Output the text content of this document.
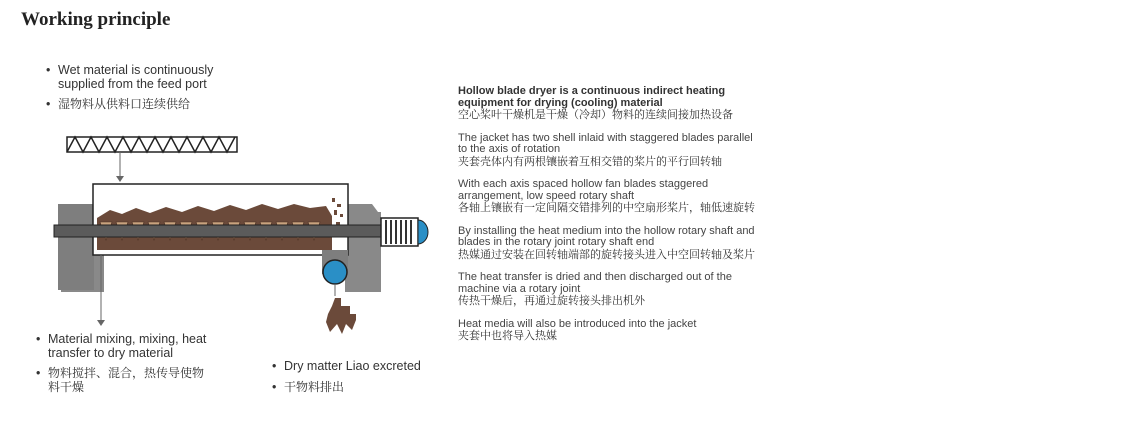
Working principle
• Wet material is continuously
supplied from the feed port
• 湿物料从供料口连续供给
• Material mixing, mixing, heat
transfer to dry material
• 物料搅拌、混合，热传导使物
料干燥
• Dry matter Liao excreted
• 干物料排出
Hollow blade dryer is a continuous indirect heating
equipment for drying (cooling) material
空心桨叶干燥机是干燥（冷却）物料的连续间接加热设备
The jacket has two shell inlaid with staggered blades parallel
to the axis of rotation
夹套壳体内有两根镶嵌着互相交错的桨片的平行回转轴
With each axis spaced hollow fan blades staggered
arrangement, low speed rotary shaft
各轴上镶嵌有一定间隔交错排列的中空扇形桨片，轴低速旋转
By installing the heat medium into the hollow rotary shaft and
blades in the rotary joint rotary shaft end
热媒通过安装在回转轴端部的旋转接头进入中空回转轴及桨片
The heat transfer is dried and then discharged out of the
machine via a rotary joint
传热干燥后，再通过旋转接头排出机外
Heat media will also be introduced into the jacket
夹套中也将导入热媒
